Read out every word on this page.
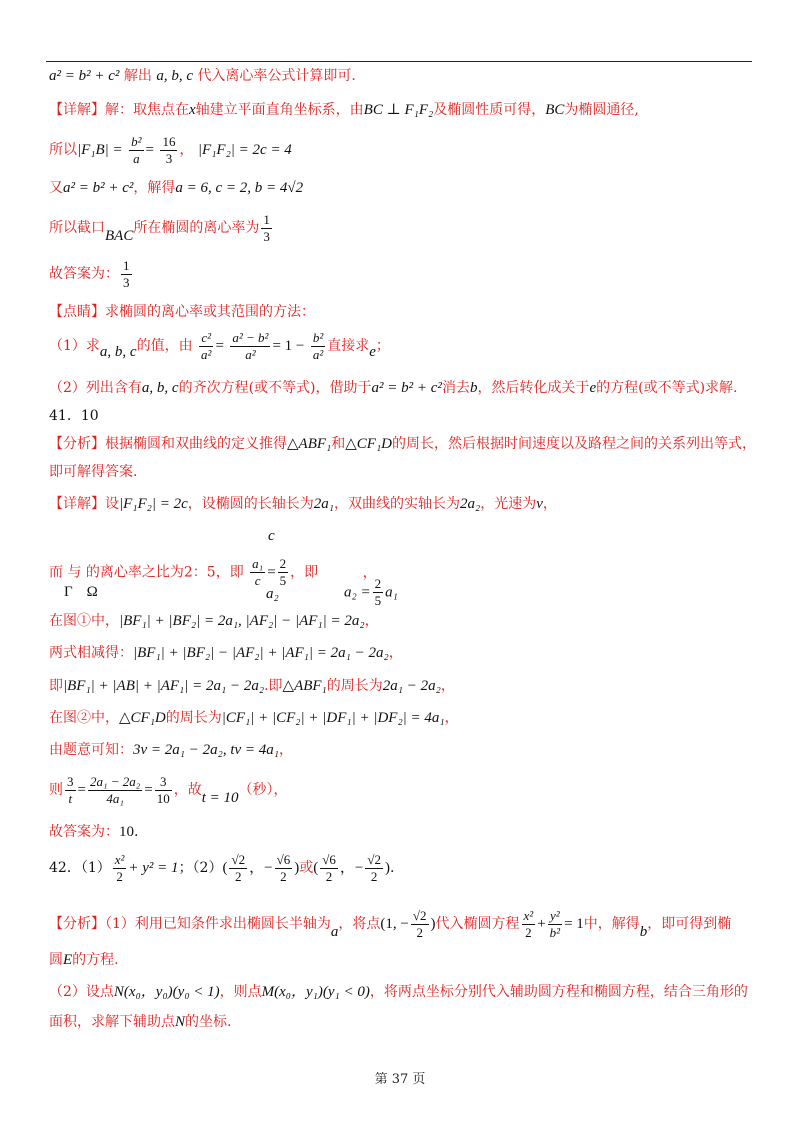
a² = b² + c² 解出 a, b, c 代入离心率公式计算即可.
【详解】解：取焦点在x轴建立平面直角坐标系，由BC ⊥ F₁F₂及椭圆性质可得，BC为椭圆通径,
所以$|F_1B| = \frac{\text{b²}}{a} = \frac{16}{3}$ ， |F₁F₂| = 2c = 4
又a² = b² + c²，解得a = 6, c = 2, b = 4√2
所以截口BAC所在椭圆的离心率为 $\frac{1}{3}$
故答案为： $\frac{1}{3}$
【点睛】求椭圆的离心率或其范围的方法：
（1）求a, b, c的值，由 $\frac{\text{c²}}{\text{a²}} = \frac{\text{a² − b²}}{\text{a²}} = 1 - \frac{\text{b²}}{\text{a²}}$ 直接求e；
（2）列出含有a, b, c的齐次方程(或不等式)，借助于a² = b² + c²消去b，然后转化成关于e的方程(或不等式)求解.
41．10
【分析】根据椭圆和双曲线的定义推得△ABF₁和△CF₁D的周长，然后根据时间速度以及路程之间的关系列出等式，
即可解得答案.
【详解】设|F₁F₂| = 2c，设椭圆的长轴长为2a₁，双曲线的实轴长为2a₂，光速为v，
c
而 与 的离心率之比为2：5，即 $\frac{\text{a₁}}{c} = \frac{2}{5}$ ，即	，
$a_2 = \frac{2}{5} a_1$
Γ Ω	a₂
在图①中，|BF₁| + |BF₂| = 2a₁, |AF₂| − |AF₁| = 2a₂，
两式相减得：|BF₁| + |BF₂| − |AF₂| + |AF₁| = 2a₁ − 2a₂，
即|BF₁| + |AB| + |AF₁| = 2a₁ − 2a₂.即△ABF₁的周长为2a₁ − 2a₂，
在图②中，△CF₁D的周长为|CF₁| + |CF₂| + |DF₁| + |DF₂| = 4a₁，
由题意可知：3v = 2a₁ − 2a₂, tv = 4a₁，
则 $\frac{3}{t} = \frac{\text{2a₁ − 2a₂}}{\text{4a₁}} = \frac{3}{10}$ ，故t = 10（秒），
故答案为：10.
42．$(1) \frac{\text{x²}}{2} + y^2 = 1$；$(2)( \frac{√2}{2}$ ，− $\frac{√6}{2}$ )或( $\frac{√6}{2}$ ，− $\frac{√2}{2}$ ).
【分析】（1）利用已知条件求出椭圆长半轴为a，将点(1, − $\frac{√2}{2}$ )代入椭圆方程 $\frac{\text{x²}}{2} + \frac{\text{y²}}{\text{b²}} = 1$中，解得b，即可得到椭
圆E的方程.
（2）设点N(x₀，y₀)(y₀ < 1)，则点M(x₀，y₁)(y₁ < 0)，将两点坐标分别代入辅助圆方程和椭圆方程，结合三角形的
面积，求解下辅助点N的坐标.
第 37 页
